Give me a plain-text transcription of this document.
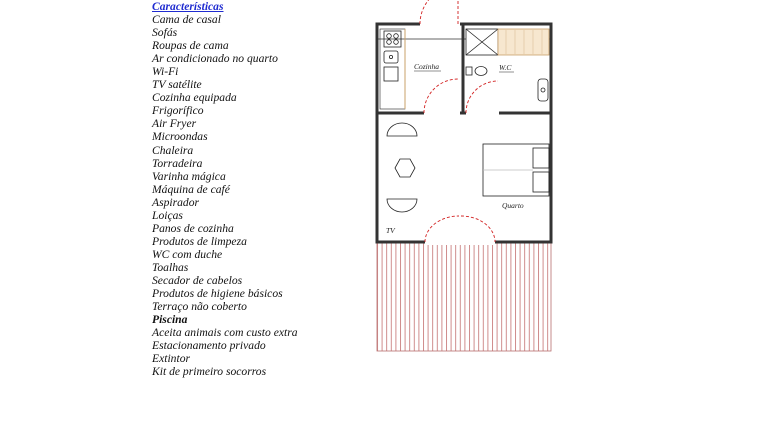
Características
Cama de casal
Sofás
Roupas de cama
Ar condicionado no quarto
Wi-Fi
TV satélite
Cozinha equipada
Frigorífico
Air Fryer
Microondas
Chaleira
Torradeira
Varinha mágica
Máquina de café
Aspirador
Loiças
Panos de cozinha
Produtos de limpeza
WC com duche
Toalhas
Secador de cabelos
Produtos de higiene básicos
Terraço não coberto
Piscina
Aceita animais com custo extra
Estacionamento privado
Extintor
Kit de primeiro socorros
Cozinha	W.C
Quarto
TV
